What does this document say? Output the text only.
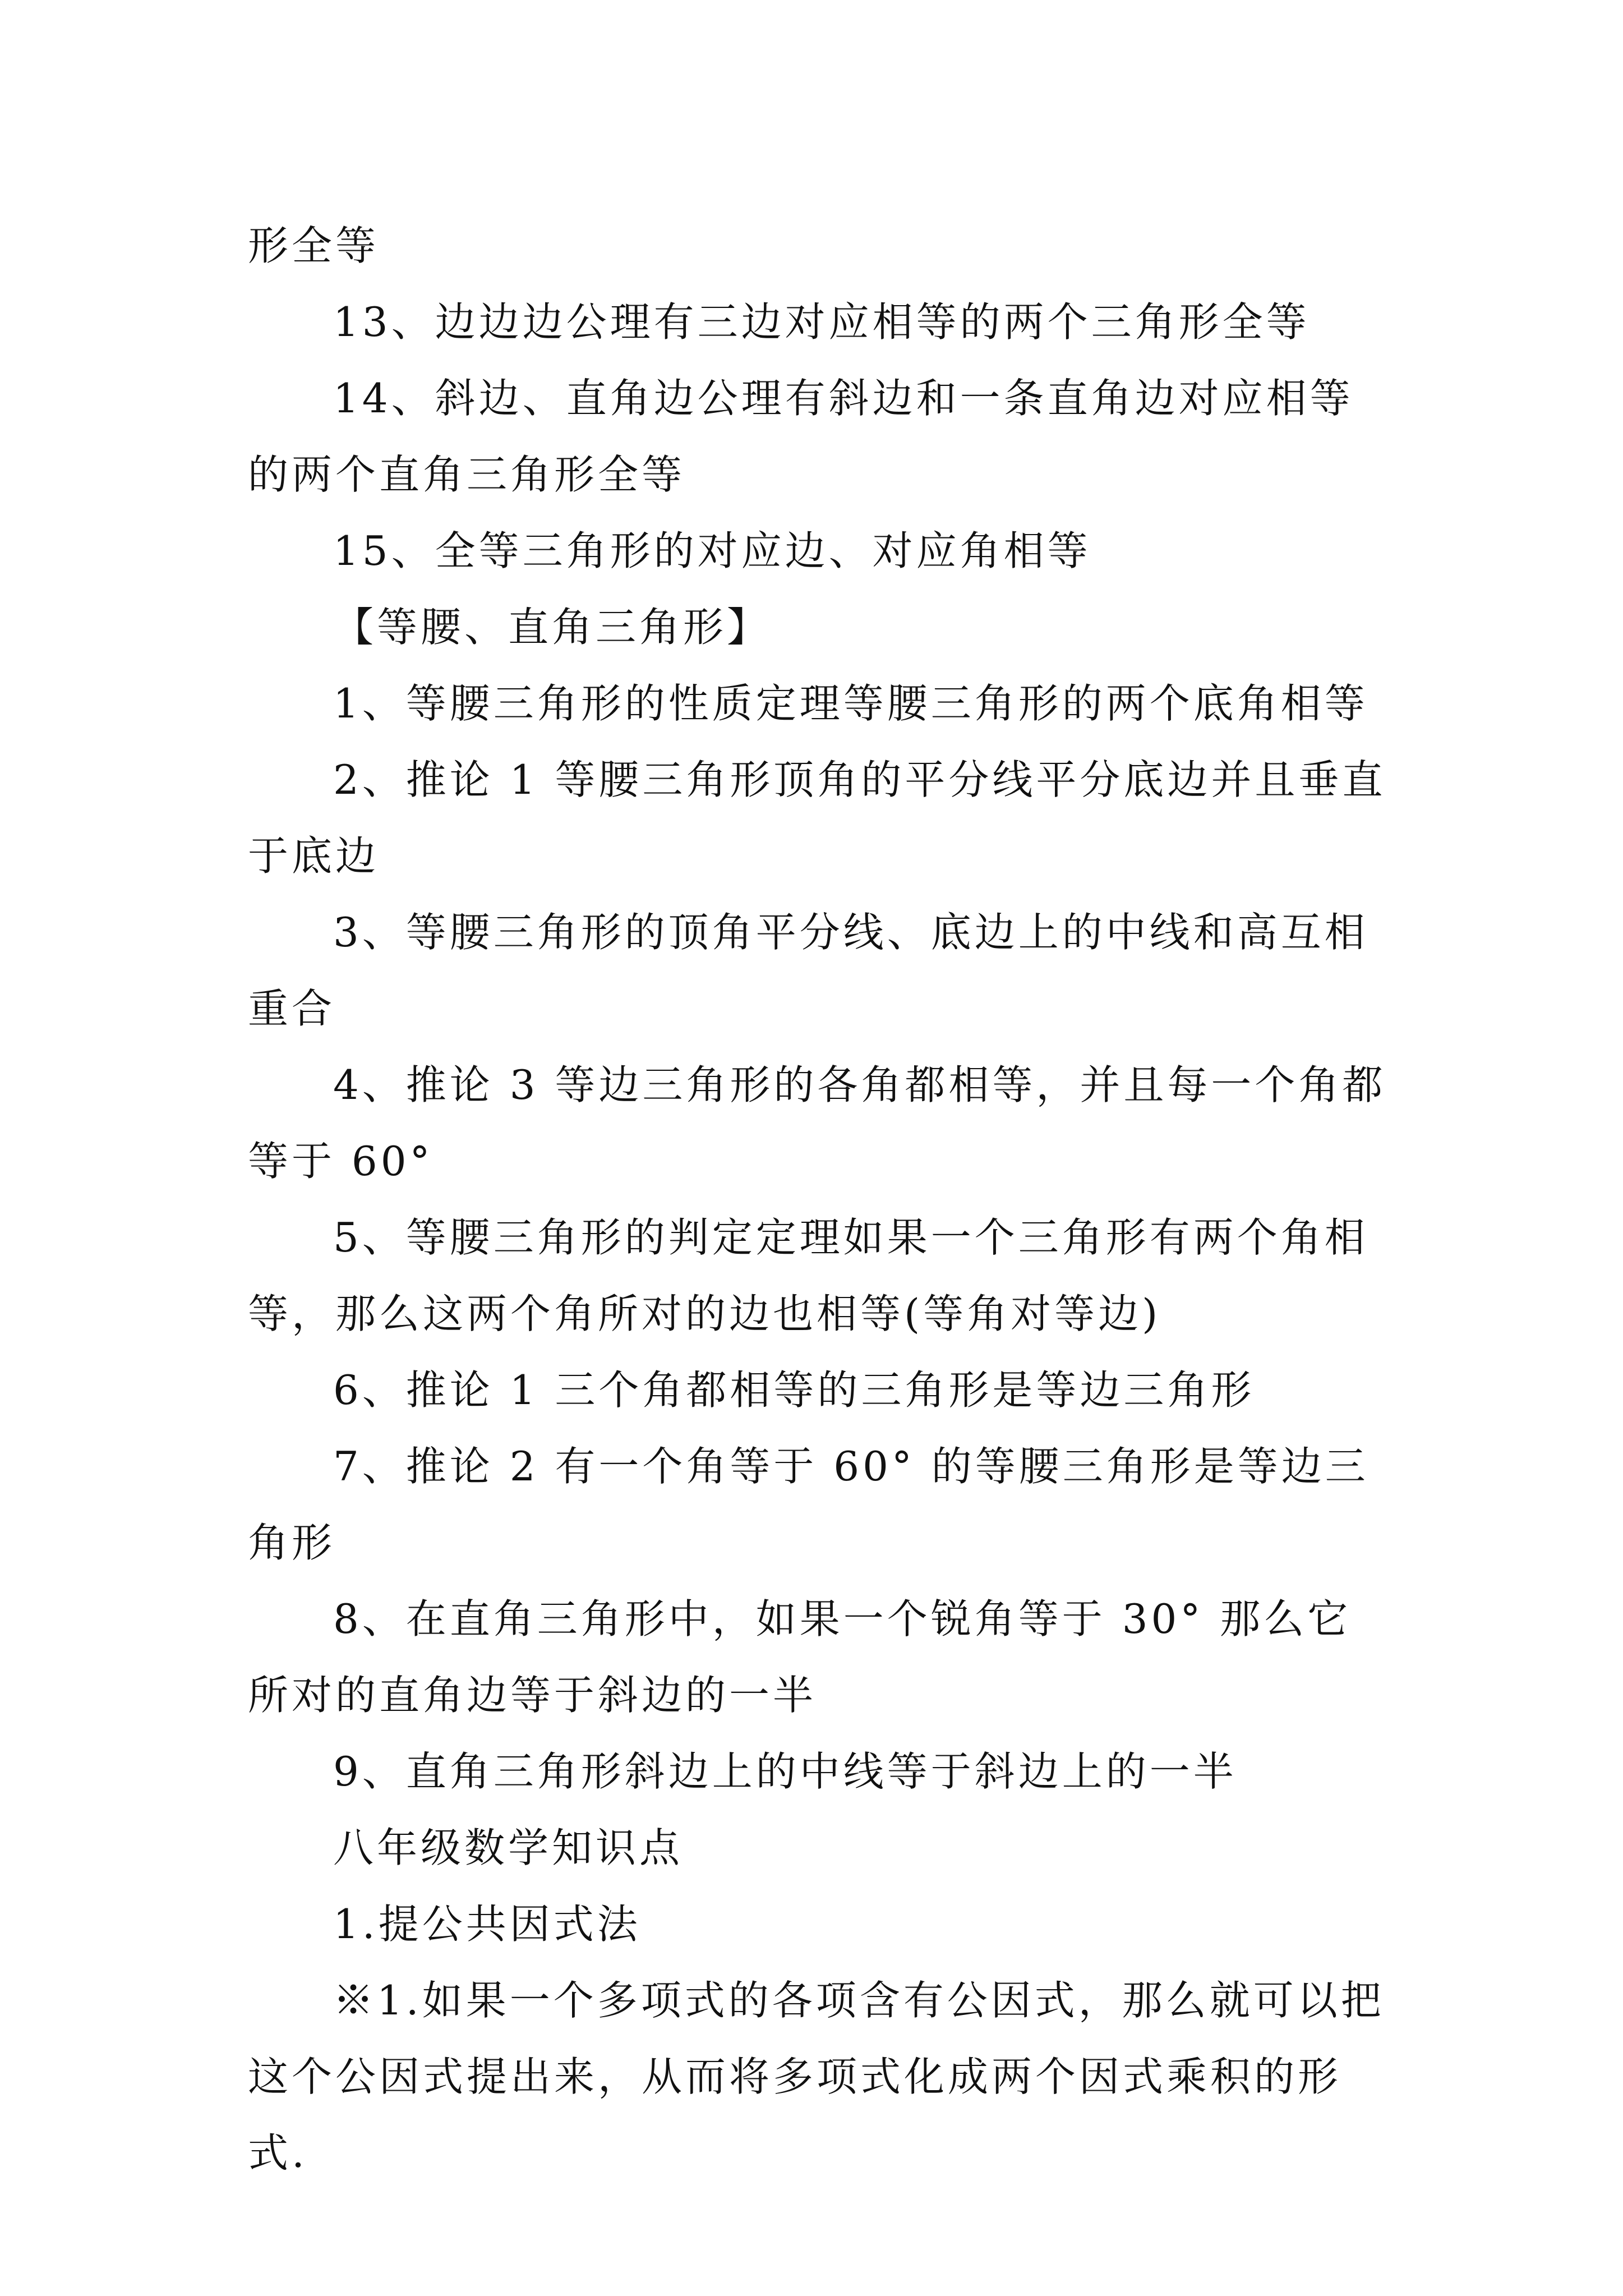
形全等

13、边边边公理有三边对应相等的两个三角形全等

14、斜边、直角边公理有斜边和一条直角边对应相等的两个直角三角形全等

15、全等三角形的对应边、对应角相等

【等腰、直角三角形】

1、等腰三角形的性质定理等腰三角形的两个底角相等

2、推论 1 等腰三角形顶角的平分线平分底边并且垂直于底边

3、等腰三角形的顶角平分线、底边上的中线和高互相重合

4、推论 3 等边三角形的各角都相等，并且每一个角都等于 60°

5、等腰三角形的判定定理如果一个三角形有两个角相等，那么这两个角所对的边也相等(等角对等边)

6、推论 1 三个角都相等的三角形是等边三角形

7、推论 2 有一个角等于 60° 的等腰三角形是等边三角形

8、在直角三角形中，如果一个锐角等于 30° 那么它所对的直角边等于斜边的一半

9、直角三角形斜边上的中线等于斜边上的一半

八年级数学知识点

1.提公共因式法

※1.如果一个多项式的各项含有公因式，那么就可以把这个公因式提出来，从而将多项式化成两个因式乘积的形式.
